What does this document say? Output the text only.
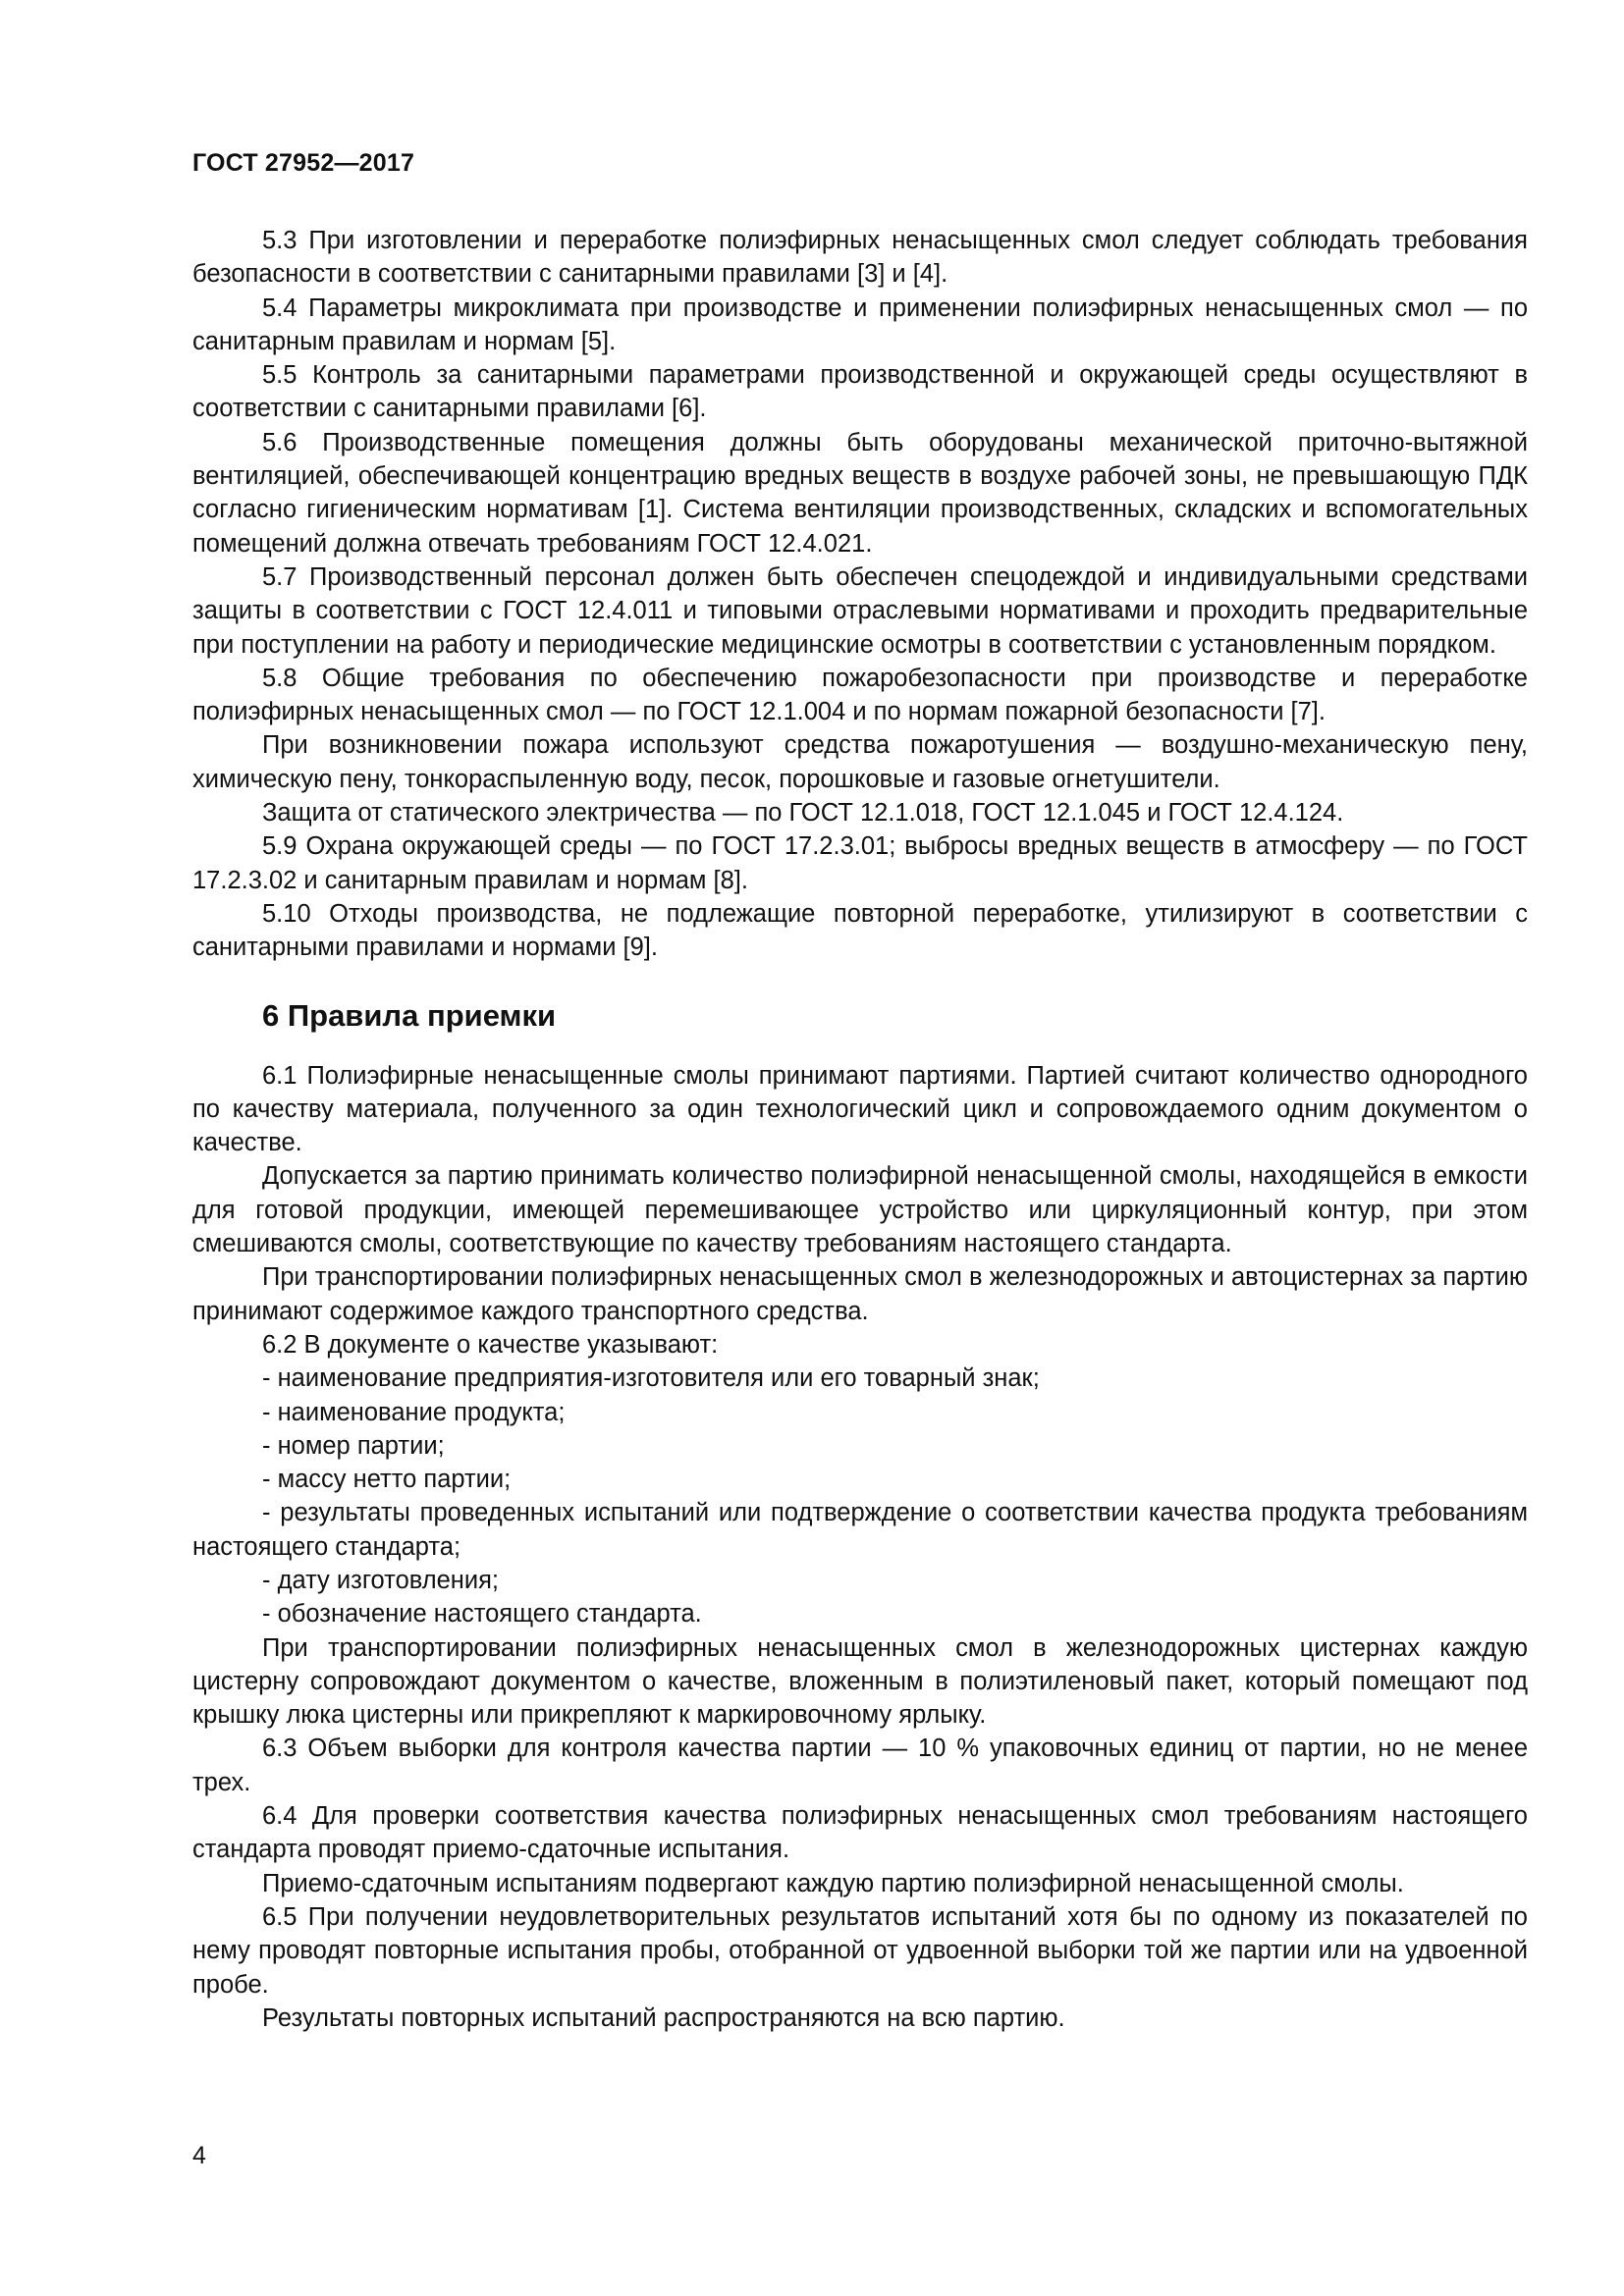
ГОСТ 27952—2017

5.3 При изготовлении и переработке полиэфирных ненасыщенных смол следует соблюдать требования безопасности в соответствии с санитарными правилами [3] и [4].

5.4 Параметры микроклимата при производстве и применении полиэфирных ненасыщенных смол — по санитарным правилам и нормам [5].

5.5 Контроль за санитарными параметрами производственной и окружающей среды осуществляют в соответствии с санитарными правилами [6].

5.6 Производственные помещения должны быть оборудованы механической приточно-вытяжной вентиляцией, обеспечивающей концентрацию вредных веществ в воздухе рабочей зоны, не превышающую ПДК согласно гигиеническим нормативам [1]. Система вентиляции производственных, складских и вспомогательных помещений должна отвечать требованиям ГОСТ 12.4.021.

5.7 Производственный персонал должен быть обеспечен спецодеждой и индивидуальными средствами защиты в соответствии с ГОСТ 12.4.011 и типовыми отраслевыми нормативами и проходить предварительные при поступлении на работу и периодические медицинские осмотры в соответствии с установленным порядком.

5.8 Общие требования по обеспечению пожаробезопасности при производстве и переработке полиэфирных ненасыщенных смол — по ГОСТ 12.1.004 и по нормам пожарной безопасности [7].

При возникновении пожара используют средства пожаротушения — воздушно-механическую пену, химическую пену, тонкораспыленную воду, песок, порошковые и газовые огнетушители.

Защита от статического электричества — по ГОСТ 12.1.018, ГОСТ 12.1.045 и ГОСТ 12.4.124.

5.9 Охрана окружающей среды — по ГОСТ 17.2.3.01; выбросы вредных веществ в атмосферу — по ГОСТ 17.2.3.02 и санитарным правилам и нормам [8].

5.10 Отходы производства, не подлежащие повторной переработке, утилизируют в соответствии с санитарными правилами и нормами [9].

6 Правила приемки

6.1 Полиэфирные ненасыщенные смолы принимают партиями. Партией считают количество однородного по качеству материала, полученного за один технологический цикл и сопровождаемого одним документом о качестве.

Допускается за партию принимать количество полиэфирной ненасыщенной смолы, находящейся в емкости для готовой продукции, имеющей перемешивающее устройство или циркуляционный контур, при этом смешиваются смолы, соответствующие по качеству требованиям настоящего стандарта.

При транспортировании полиэфирных ненасыщенных смол в железнодорожных и автоцистернах за партию принимают содержимое каждого транспортного средства.

6.2 В документе о качестве указывают:

- наименование предприятия-изготовителя или его товарный знак;

- наименование продукта;

- номер партии;

- массу нетто партии;

- результаты проведенных испытаний или подтверждение о соответствии качества продукта требованиям настоящего стандарта;

- дату изготовления;

- обозначение настоящего стандарта.

При транспортировании полиэфирных ненасыщенных смол в железнодорожных цистернах каждую цистерну сопровождают документом о качестве, вложенным в полиэтиленовый пакет, который помещают под крышку люка цистерны или прикрепляют к маркировочному ярлыку.

6.3 Объем выборки для контроля качества партии — 10 % упаковочных единиц от партии, но не менее трех.

6.4 Для проверки соответствия качества полиэфирных ненасыщенных смол требованиям настоящего стандарта проводят приемо-сдаточные испытания.

Приемо-сдаточным испытаниям подвергают каждую партию полиэфирной ненасыщенной смолы.

6.5 При получении неудовлетворительных результатов испытаний хотя бы по одному из показателей по нему проводят повторные испытания пробы, отобранной от удвоенной выборки той же партии или на удвоенной пробе.

Результаты повторных испытаний распространяются на всю партию.

4
